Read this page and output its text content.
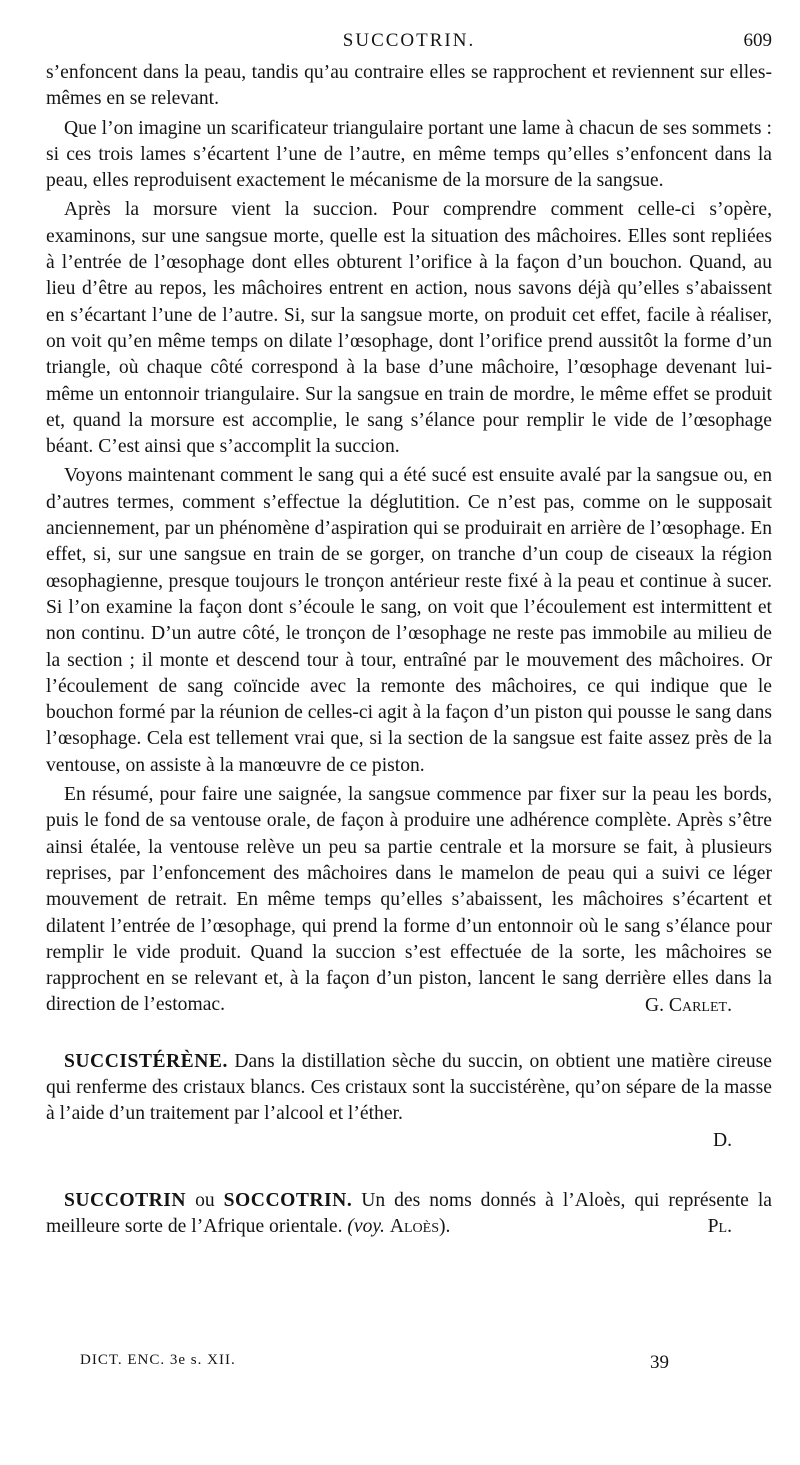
SUCCOTRIN.	609

s’enfoncent dans la peau, tandis qu’au contraire elles se rapprochent et reviennent sur elles-mêmes en se relevant.

Que l’on imagine un scarificateur triangulaire portant une lame à chacun de ses sommets : si ces trois lames s’écartent l’une de l’autre, en même temps qu’elles s’enfoncent dans la peau, elles reproduisent exactement le mécanisme de la morsure de la sangsue.

Après la morsure vient la succion. Pour comprendre comment celle-ci s’opère, examinons, sur une sangsue morte, quelle est la situation des mâchoires. Elles sont repliées à l’entrée de l’œsophage dont elles obturent l’orifice à la façon d’un bouchon. Quand, au lieu d’être au repos, les mâchoires entrent en action, nous savons déjà qu’elles s’abaissent en s’écartant l’une de l’autre. Si, sur la sangsue morte, on produit cet effet, facile à réaliser, on voit qu’en même temps on dilate l’œsophage, dont l’orifice prend aussitôt la forme d’un triangle, où chaque côté correspond à la base d’une mâchoire, l’œsophage devenant lui-même un entonnoir triangulaire. Sur la sangsue en train de mordre, le même effet se produit et, quand la morsure est accomplie, le sang s’élance pour remplir le vide de l’œsophage béant. C’est ainsi que s’accomplit la succion.

Voyons maintenant comment le sang qui a été sucé est ensuite avalé par la sangsue ou, en d’autres termes, comment s’effectue la déglutition. Ce n’est pas, comme on le supposait anciennement, par un phénomène d’aspiration qui se produirait en arrière de l’œsophage. En effet, si, sur une sangsue en train de se gorger, on tranche d’un coup de ciseaux la région œsophagienne, presque toujours le tronçon antérieur reste fixé à la peau et continue à sucer. Si l’on examine la façon dont s’écoule le sang, on voit que l’écoulement est intermittent et non continu. D’un autre côté, le tronçon de l’œsophage ne reste pas immobile au milieu de la section ; il monte et descend tour à tour, entraîné par le mouvement des mâchoires. Or l’écoulement de sang coïncide avec la remonte des mâchoires, ce qui indique que le bouchon formé par la réunion de celles-ci agit à la façon d’un piston qui pousse le sang dans l’œsophage. Cela est tellement vrai que, si la section de la sangsue est faite assez près de la ventouse, on assiste à la manœuvre de ce piston.

En résumé, pour faire une saignée, la sangsue commence par fixer sur la peau les bords, puis le fond de sa ventouse orale, de façon à produire une adhérence complète. Après s’être ainsi étalée, la ventouse relève un peu sa partie centrale et la morsure se fait, à plusieurs reprises, par l’enfoncement des mâchoires dans le mamelon de peau qui a suivi ce léger mouvement de retrait. En même temps qu’elles s’abaissent, les mâchoires s’écartent et dilatent l’entrée de l’œsophage, qui prend la forme d’un entonnoir où le sang s’élance pour remplir le vide produit. Quand la succion s’est effectuée de la sorte, les mâchoires se rapprochent en se relevant et, à la façon d’un piston, lancent le sang derrière elles dans la direction de l’estomac.	G. Carlet.

SUCCISTÉRÈNE. Dans la distillation sèche du succin, on obtient une matière cireuse qui renferme des cristaux blancs. Ces cristaux sont la succistérène, qu’on sépare de la masse à l’aide d’un traitement par l’alcool et l’éther.

D.

SUCCOTRIN ou SOCCOTRIN. Un des noms donnés à l’Aloès, qui représente la meilleure sorte de l’Afrique orientale. (voy. Aloès).	Pl.

DICT. ENC. 3e s. XII.	39
